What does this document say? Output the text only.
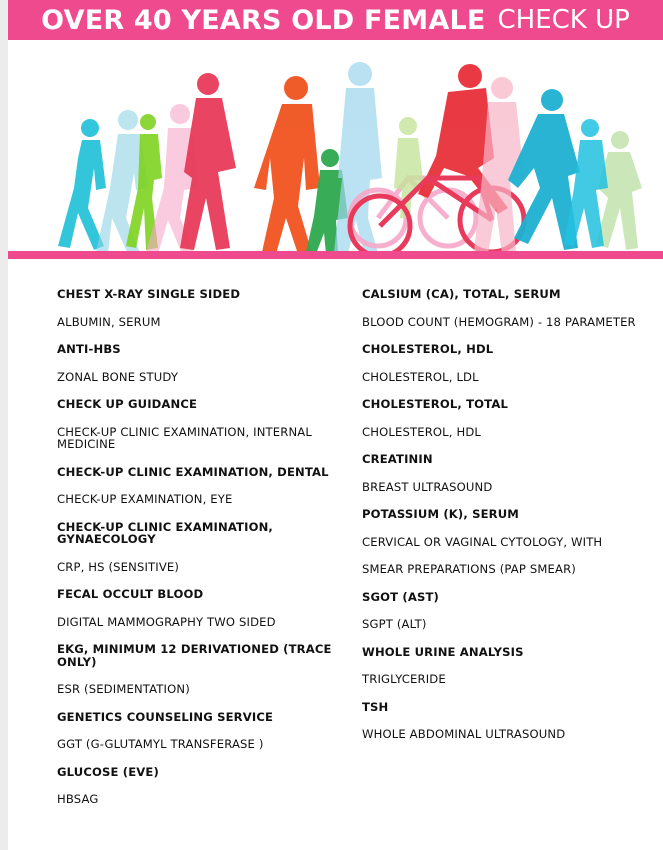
OVER 40 YEARS OLD FEMALE CHECK UP
CHEST X-RAY SINGLE SIDED
ALBUMIN, SERUM
ANTI-HBS
ZONAL BONE STUDY
CHECK UP GUIDANCE
CHECK-UP CLINIC EXAMINATION, INTERNAL MEDICINE
CHECK-UP CLINIC EXAMINATION, DENTAL
CHECK-UP EXAMINATION, EYE
CHECK-UP CLINIC EXAMINATION, GYNAECOLOGY
CRP, HS (SENSITIVE)
FECAL OCCULT BLOOD
DIGITAL MAMMOGRAPHY TWO SIDED
EKG, MINIMUM 12 DERIVATIONED (TRACE ONLY)
ESR (SEDIMENTATION)
GENETICS COUNSELING SERVICE
GGT (G-GLUTAMYL TRANSFERASE )
GLUCOSE (EVE)
HBSAG
CALSIUM (CA), TOTAL, SERUM
BLOOD COUNT (HEMOGRAM) - 18 PARAMETER
CHOLESTEROL, HDL
CHOLESTEROL, LDL
CHOLESTEROL, TOTAL
CHOLESTEROL, HDL
CREATININ
BREAST ULTRASOUND
POTASSIUM (K), SERUM
CERVICAL OR VAGINAL CYTOLOGY, WITH
SMEAR PREPARATIONS (PAP SMEAR)
SGOT (AST)
SGPT (ALT)
WHOLE URINE ANALYSIS
TRIGLYCERIDE
TSH
WHOLE ABDOMINAL ULTRASOUND
